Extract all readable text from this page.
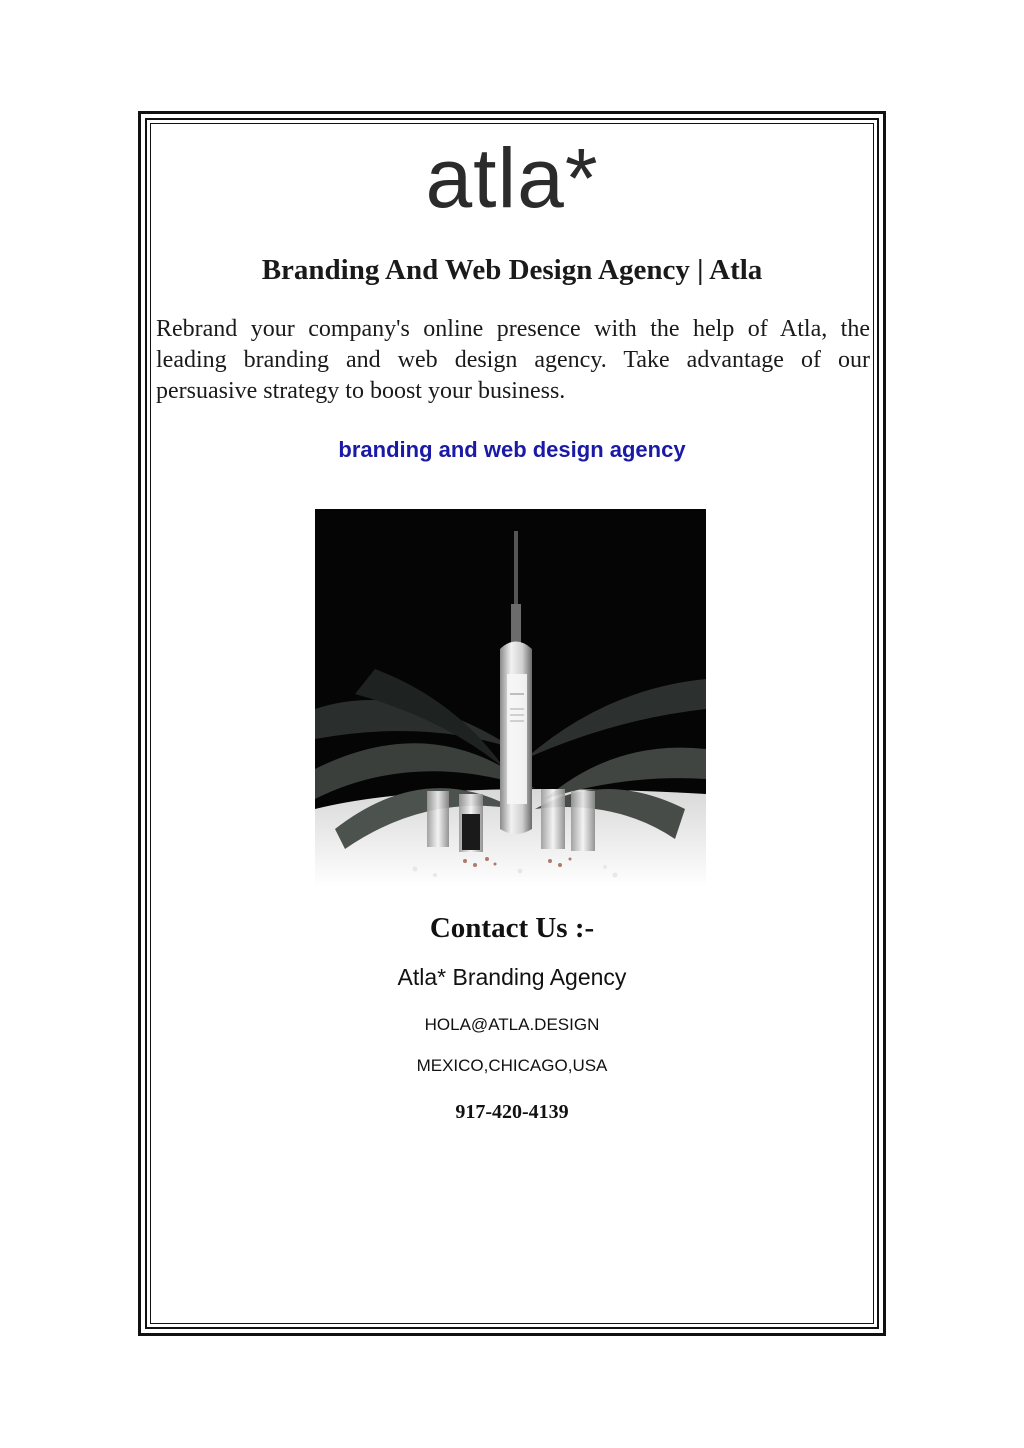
atla*
Branding And Web Design Agency | Atla
Rebrand your company's online presence with the help of Atla, the leading branding and web design agency. Take advantage of our persuasive strategy to boost your business.
branding and web design agency
Contact Us :-
Atla* Branding Agency
HOLA@ATLA.DESIGN
MEXICO,CHICAGO,USA
917-420-4139
